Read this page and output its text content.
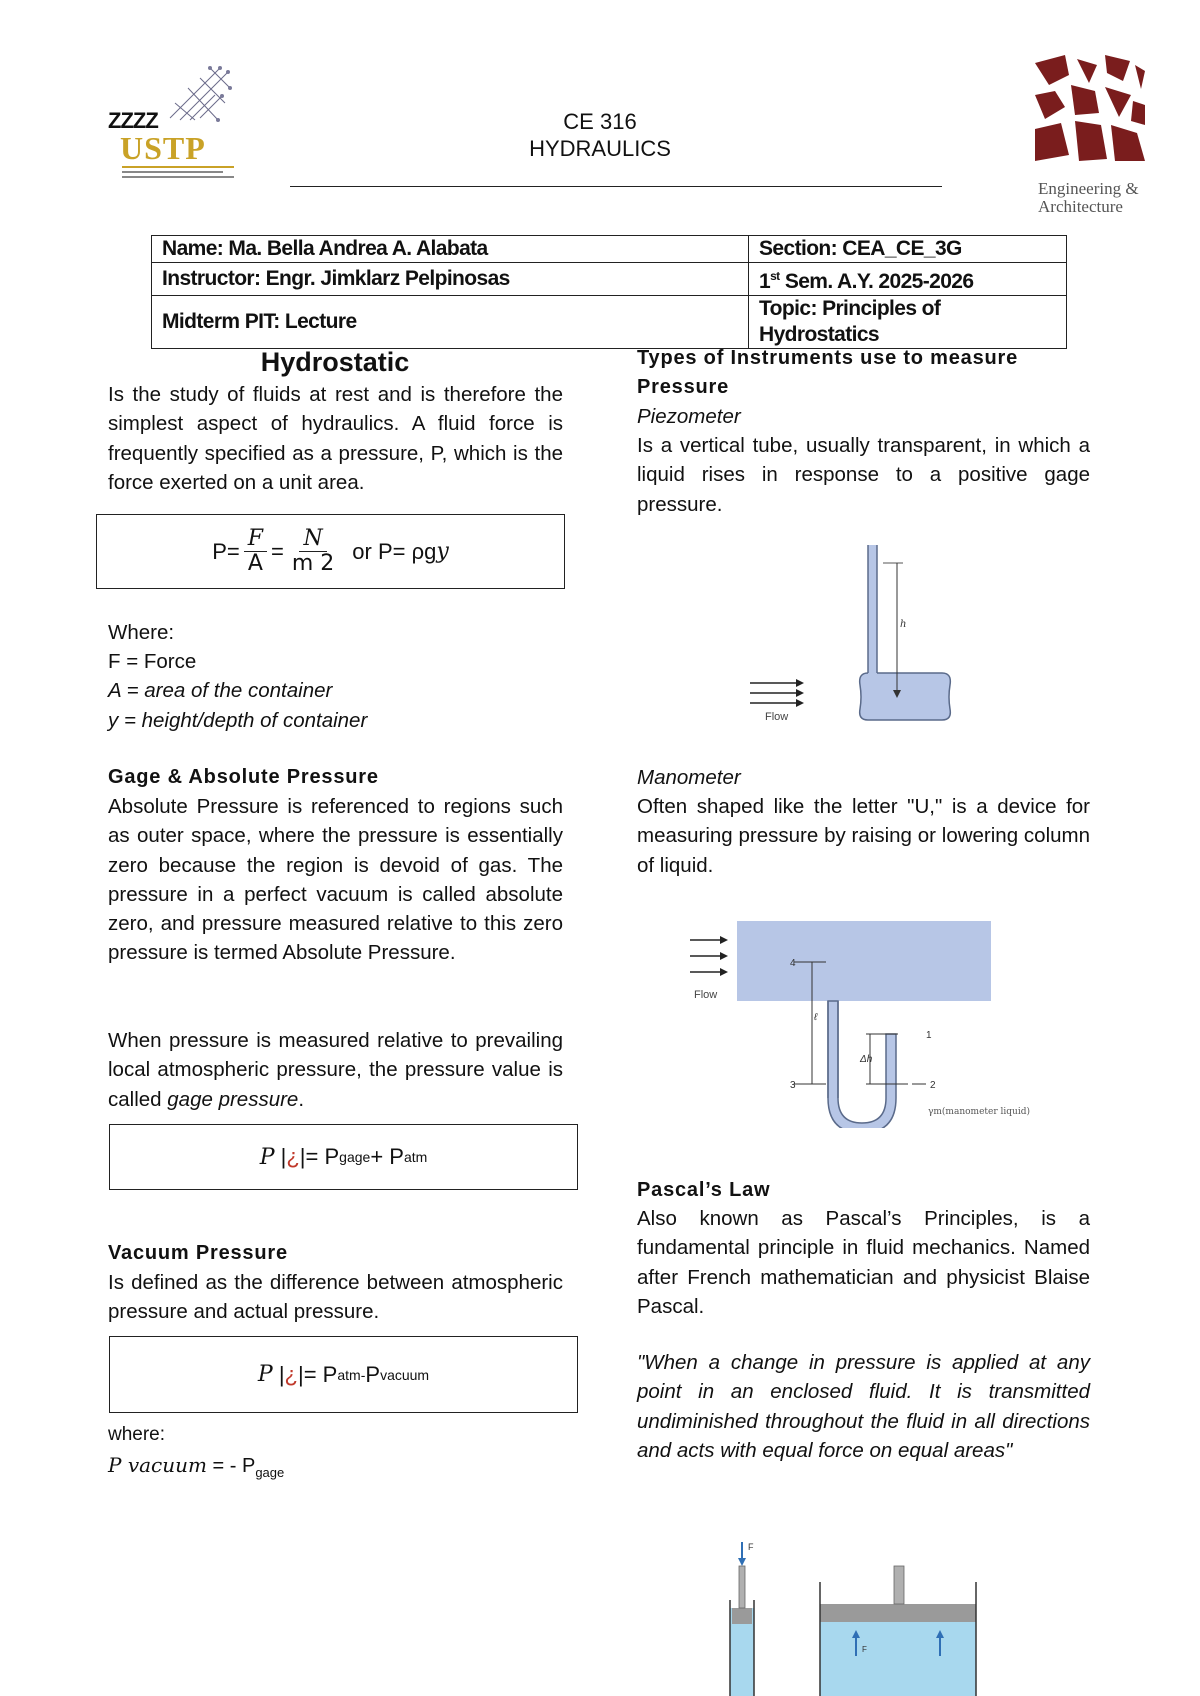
ZZZZ
USTP
CE 316
HYDRAULICS
Engineering &
Architecture
Name: Ma. Bella Andrea A. Alabata	Section: CEA_CE_3G
Instructor: Engr. Jimklarz Pelpinosas	1st Sem. A.Y. 2025-2026
Midterm PIT: Lecture	Topic: Principles of Hydrostatics
Hydrostatic
Is the study of fluids at rest and is therefore the simplest aspect of hydraulics. A fluid force is frequently specified as a pressure, P, which is the force exerted on a unit area.
$P= \frac{F}{A} = \frac{N}{m 2}$ or P= ρg y
Where:
F = Force
A = area of the container
y = height/depth of container
Gage & Absolute Pressure
Absolute Pressure is referenced to regions such as outer space, where the pressure is essentially zero because the region is devoid of gas. The pressure in a perfect vacuum is called absolute zero, and pressure measured relative to this zero pressure is termed Absolute Pressure.
When pressure is measured relative to prevailing local atmospheric pressure, the pressure value is called gage pressure.
P
|¿| = P gage + P atm
Vacuum Pressure
Is defined as the difference between atmospheric pressure and actual pressure.
P
|¿| = P atm - P vacuum
where:
P vacuum = - $P_{gage}$
Types of Instruments use to measure Pressure
Piezometer
Is a vertical tube, usually transparent, in which a liquid rises in response to a positive gage pressure.
h
Flow
Manometer
Often shaped like the letter "U," is a device for measuring pressure by raising or lowering column of liquid.
Flow
4
3
ℓ
Δh
1
2
γm(manometer liquid)
Pascal’s Law
Also known as Pascal’s Principles, is a fundamental principle in fluid mechanics. Named after French mathematician and physicist Blaise Pascal.
"When a change in pressure is applied at any point in an enclosed fluid. It is transmitted undiminished throughout the fluid in all directions and acts with equal force on equal areas"
F
F
